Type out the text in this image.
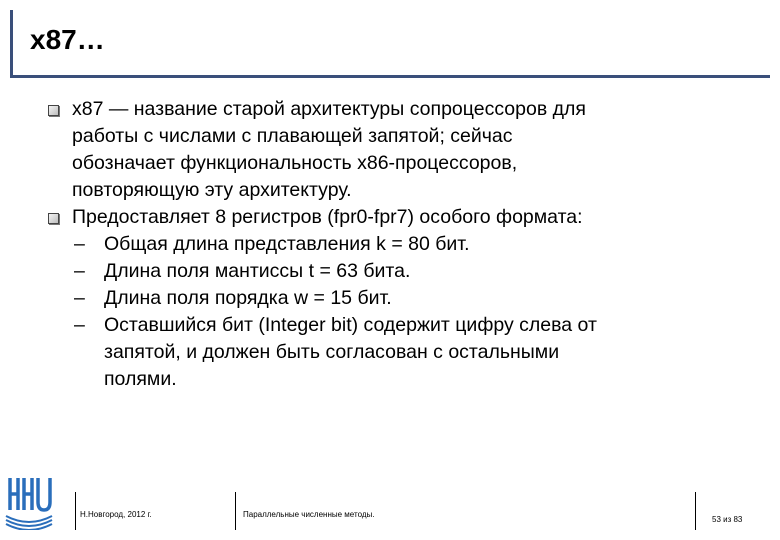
x87…
x87 — название старой архитектуры сопроцессоров для
работы с числами с плавающей запятой; сейчас
обозначает функциональность x86-процессоров,
повторяющую эту архитектуру.
Предоставляет 8 регистров (fpr0-fpr7) особого формата:
– Общая длина представления k = 80 бит.
– Длина поля мантиссы t = 63 бита.
– Длина поля порядка w = 15 бит.
– Оставшийся бит (Integer bit) содержит цифру слева от
запятой, и должен быть согласован с остальными
полями.
Н.Новгород, 2012 г.	Параллельные численные методы.
53 из 83
